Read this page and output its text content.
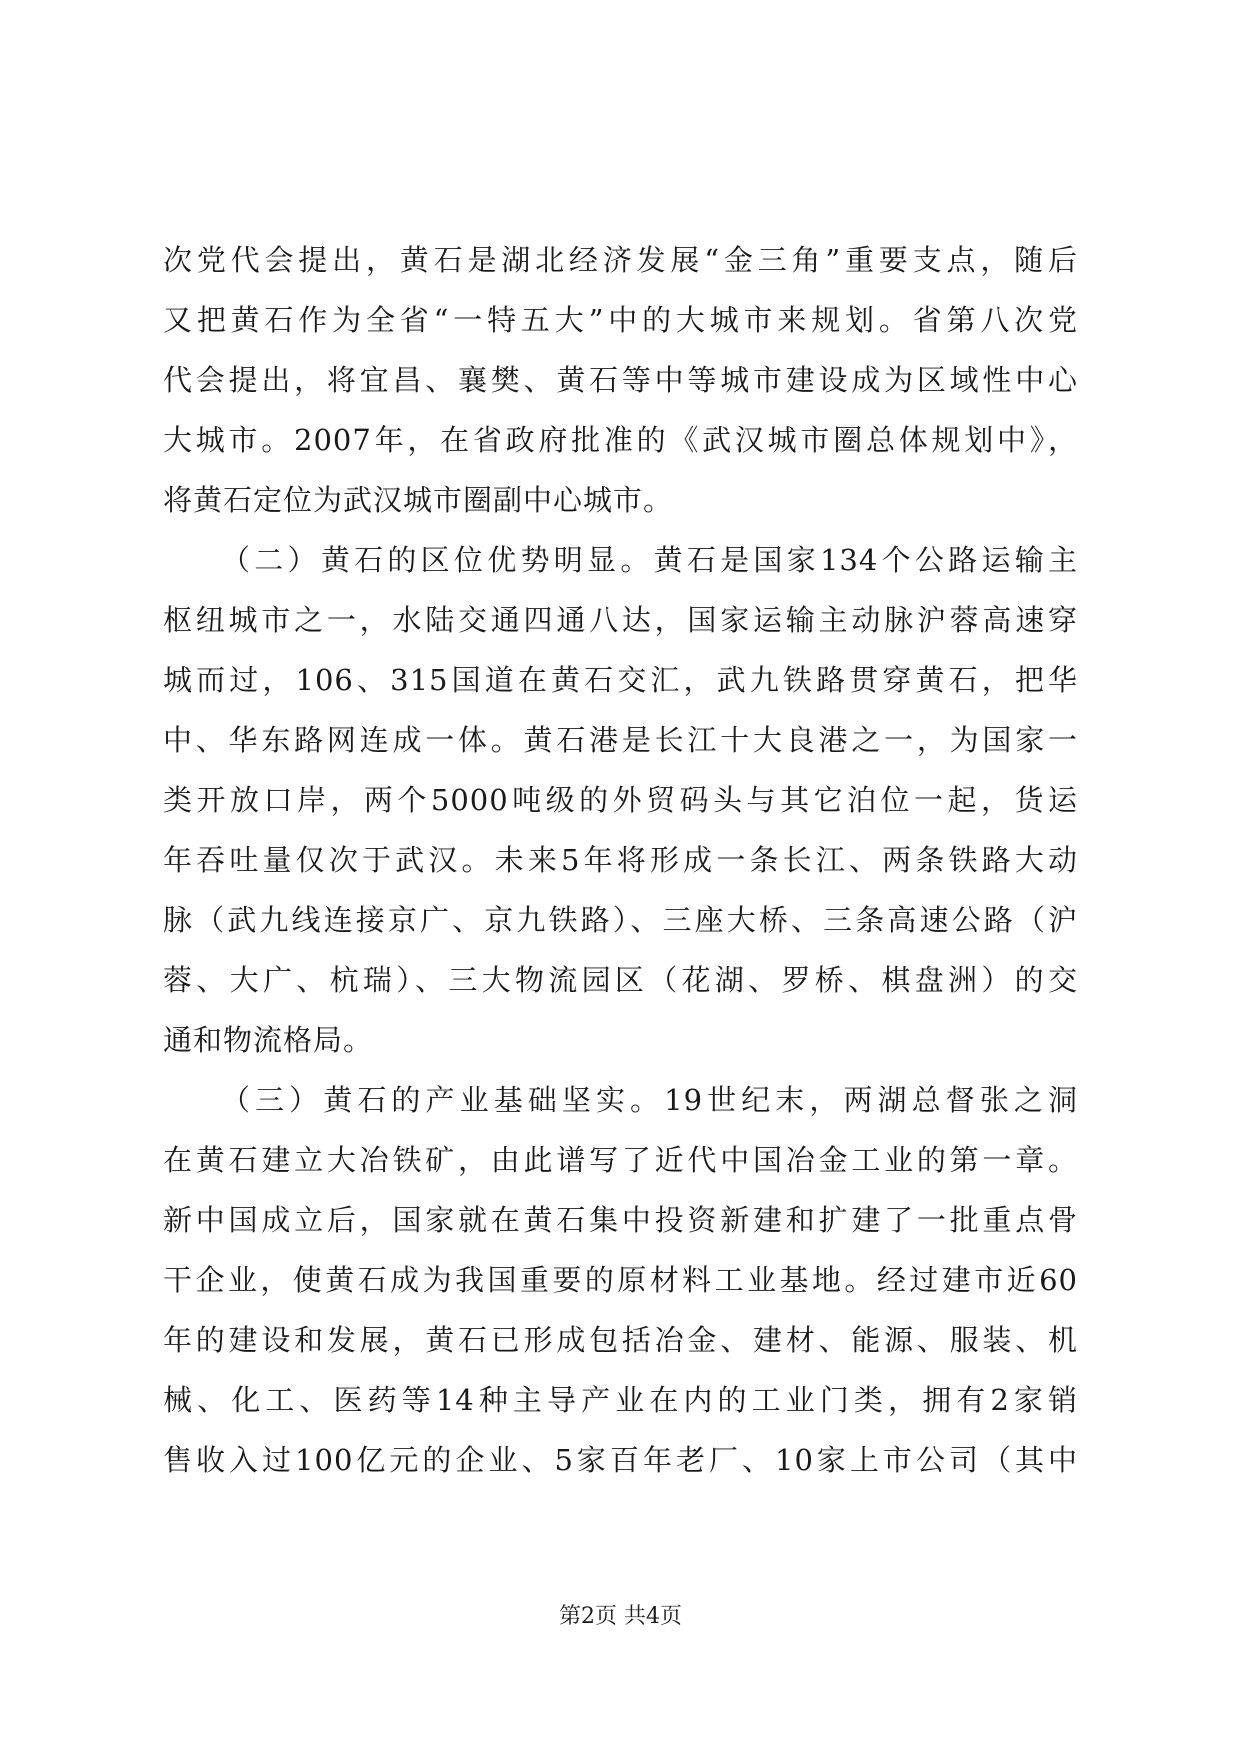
次党代会提出，黄石是湖北经济发展“金三角”重要支点，随后
又把黄石作为全省“一特五大”中的大城市来规划。省第八次党
代会提出，将宜昌、襄樊、黄石等中等城市建设成为区域性中心
大城市。2007年，在省政府批准的《武汉城市圈总体规划中》，
将黄石定位为武汉城市圈副中心城市。
（二）黄石的区位优势明显。黄石是国家134个公路运输主
枢纽城市之一，水陆交通四通八达，国家运输主动脉沪蓉高速穿
城而过，106、315国道在黄石交汇，武九铁路贯穿黄石，把华
中、华东路网连成一体。黄石港是长江十大良港之一，为国家一
类开放口岸，两个5000吨级的外贸码头与其它泊位一起，货运
年吞吐量仅次于武汉。未来5年将形成一条长江、两条铁路大动
脉（武九线连接京广、京九铁路）、三座大桥、三条高速公路（沪
蓉、大广、杭瑞）、三大物流园区（花湖、罗桥、棋盘洲）的交
通和物流格局。
（三）黄石的产业基础坚实。19世纪末，两湖总督张之洞
在黄石建立大冶铁矿，由此谱写了近代中国冶金工业的第一章。
新中国成立后，国家就在黄石集中投资新建和扩建了一批重点骨
干企业，使黄石成为我国重要的原材料工业基地。经过建市近60
年的建设和发展，黄石已形成包括冶金、建材、能源、服装、机
械、化工、医药等14种主导产业在内的工业门类，拥有2家销
售收入过100亿元的企业、5家百年老厂、10家上市公司（其中
第2页 共4页
